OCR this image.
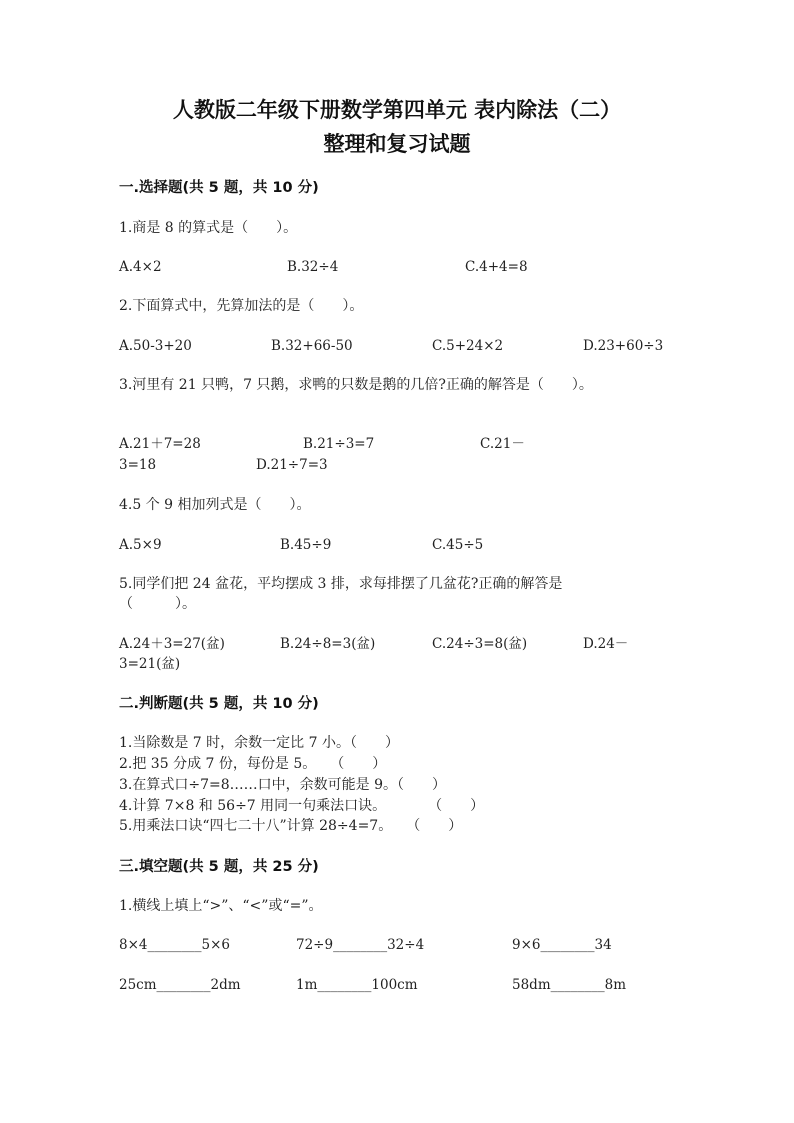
人教版二年级下册数学第四单元 表内除法（二）
整理和复习试题
一.选择题(共 5 题，共 10 分)
1.商是 8 的算式是（　　）。
A.4×2	B.32÷4	C.4+4=8
2.下面算式中，先算加法的是（　　）。
A.50-3+20	B.32+66-50	C.5+24×2	D.23+60÷3
3.河里有 21 只鸭，7 只鹅，求鸭的只数是鹅的几倍?正确的解答是（　　）。
A.21＋7=28	B.21÷3=7	C.21－
3=18	D.21÷7=3
4.5 个 9 相加列式是（　　）。
A.5×9	B.45÷9	C.45÷5
5.同学们把 24 盆花，平均摆成 3 排，求每排摆了几盆花?正确的解答是
（　　　）。
A.24＋3=27(盆)	B.24÷8=3(盆)	C.24÷3=8(盆)	D.24－
3=21(盆)
二.判断题(共 5 题，共 10 分)
1.当除数是 7 时，余数一定比 7 小。（　　）
2.把 35 分成 7 份，每份是 5。　　（　　）
3.在算式口÷7=8……口中，余数可能是 9。（　　）
4.计算 7×8 和 56÷7 用同一句乘法口诀。　　　　（　　）
5.用乘法口诀“四七二十八”计算 28÷4=7。　　（　　）
三.填空题(共 5 题，共 25 分)
1.横线上填上“>”、“<”或“=”。
8×4________5×6	72÷9________32÷4	9×6________34
25cm________2dm	1m________100cm	58dm________8m
